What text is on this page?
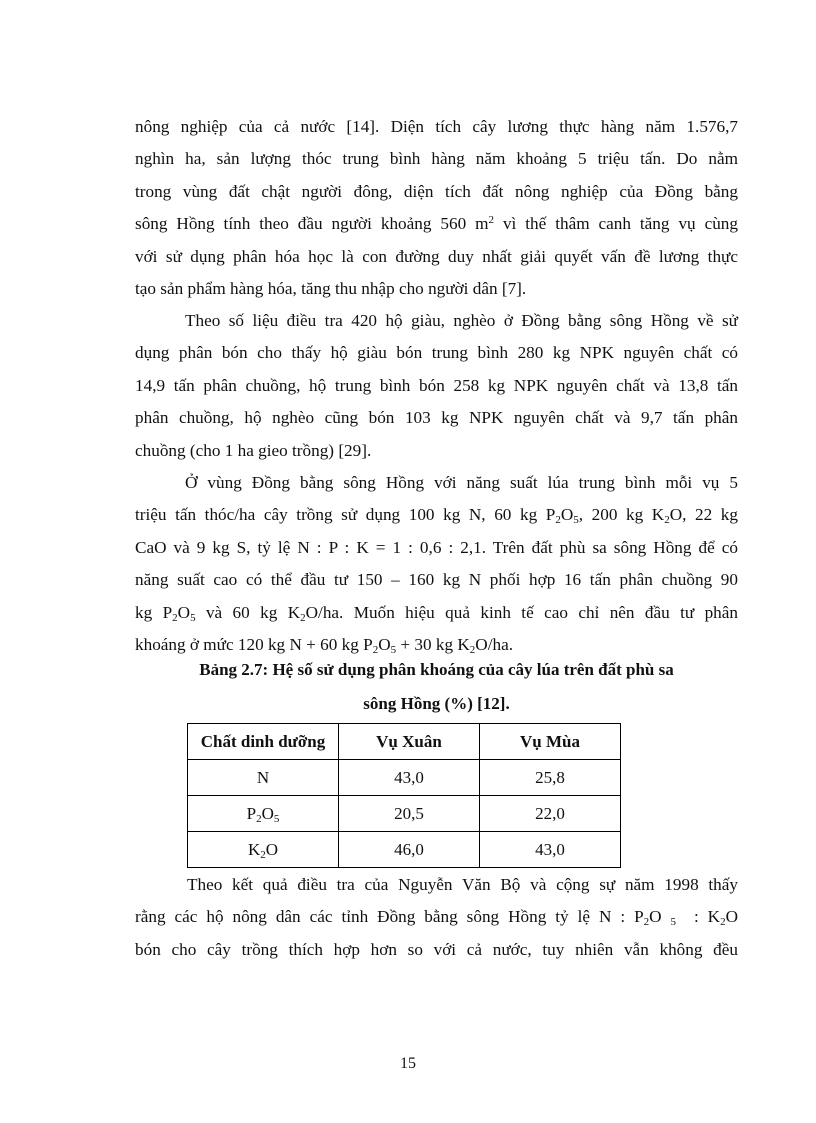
nông nghiệp của cả nước [14]. Diện tích cây lương thực hàng năm 1.576,7
nghìn ha, sản lượng thóc trung bình hàng năm khoảng 5 triệu tấn. Do nằm
trong vùng đất chật người đông, diện tích đất nông nghiệp của Đồng bằng
sông Hồng tính theo đầu người khoảng 560 $m^2$ vì thế thâm canh tăng vụ cùng
với sử dụng phân hóa học là con đường duy nhất giải quyết vấn đề lương thực
tạo sản phẩm hàng hóa, tăng thu nhập cho người dân [7].
Theo số liệu điều tra 420 hộ giàu, nghèo ở Đồng bằng sông Hồng về sử
dụng phân bón cho thấy hộ giàu bón trung bình 280 kg NPK nguyên chất có
14,9 tấn phân chuồng, hộ trung bình bón 258 kg NPK nguyên chất và 13,8 tấn
phân chuồng, hộ nghèo cũng bón 103 kg NPK nguyên chất và 9,7 tấn phân
chuồng (cho 1 ha gieo trồng) [29].
Ở vùng Đồng bằng sông Hồng với năng suất lúa trung bình mỗi vụ 5
triệu tấn thóc/ha cây trồng sử dụng 100 kg N, 60 kg $P_2O_5$, 200 kg $K_2O$, 22 kg
CaO và 9 kg S, tỷ lệ N : P : K = 1 : 0,6 : 2,1. Trên đất phù sa sông Hồng để có
năng suất cao có thể đầu tư 150 – 160 kg N phối hợp 16 tấn phân chuồng 90
kg $P_2O_5$ và 60 kg $K_2O/ha$. Muốn hiệu quả kinh tế cao chỉ nên đầu tư phân
khoáng ở mức 120 kg N + 60 kg $P_2O_5 + 30$ kg $K_2O/ha$.

Bảng 2.7: Hệ số sử dụng phân khoáng của cây lúa trên đất phù sa

sông Hồng (%) [12].

Chất dinh dưỡng	Vụ Xuân	Vụ Mùa
N	43,0	25,8
$P_2O_5$	20,5	22,0
$K_2O$	46,0	43,0
Theo kết quả điều tra của Nguyễn Văn Bộ và cộng sự năm 1998 thấy
rằng các hộ nông dân các tỉnh Đồng bằng sông Hồng tỷ lệ N : $P_2O$ $_5$ : $K_2O$
bón cho cây trồng thích hợp hơn so với cả nước, tuy nhiên vẫn không đều
15
